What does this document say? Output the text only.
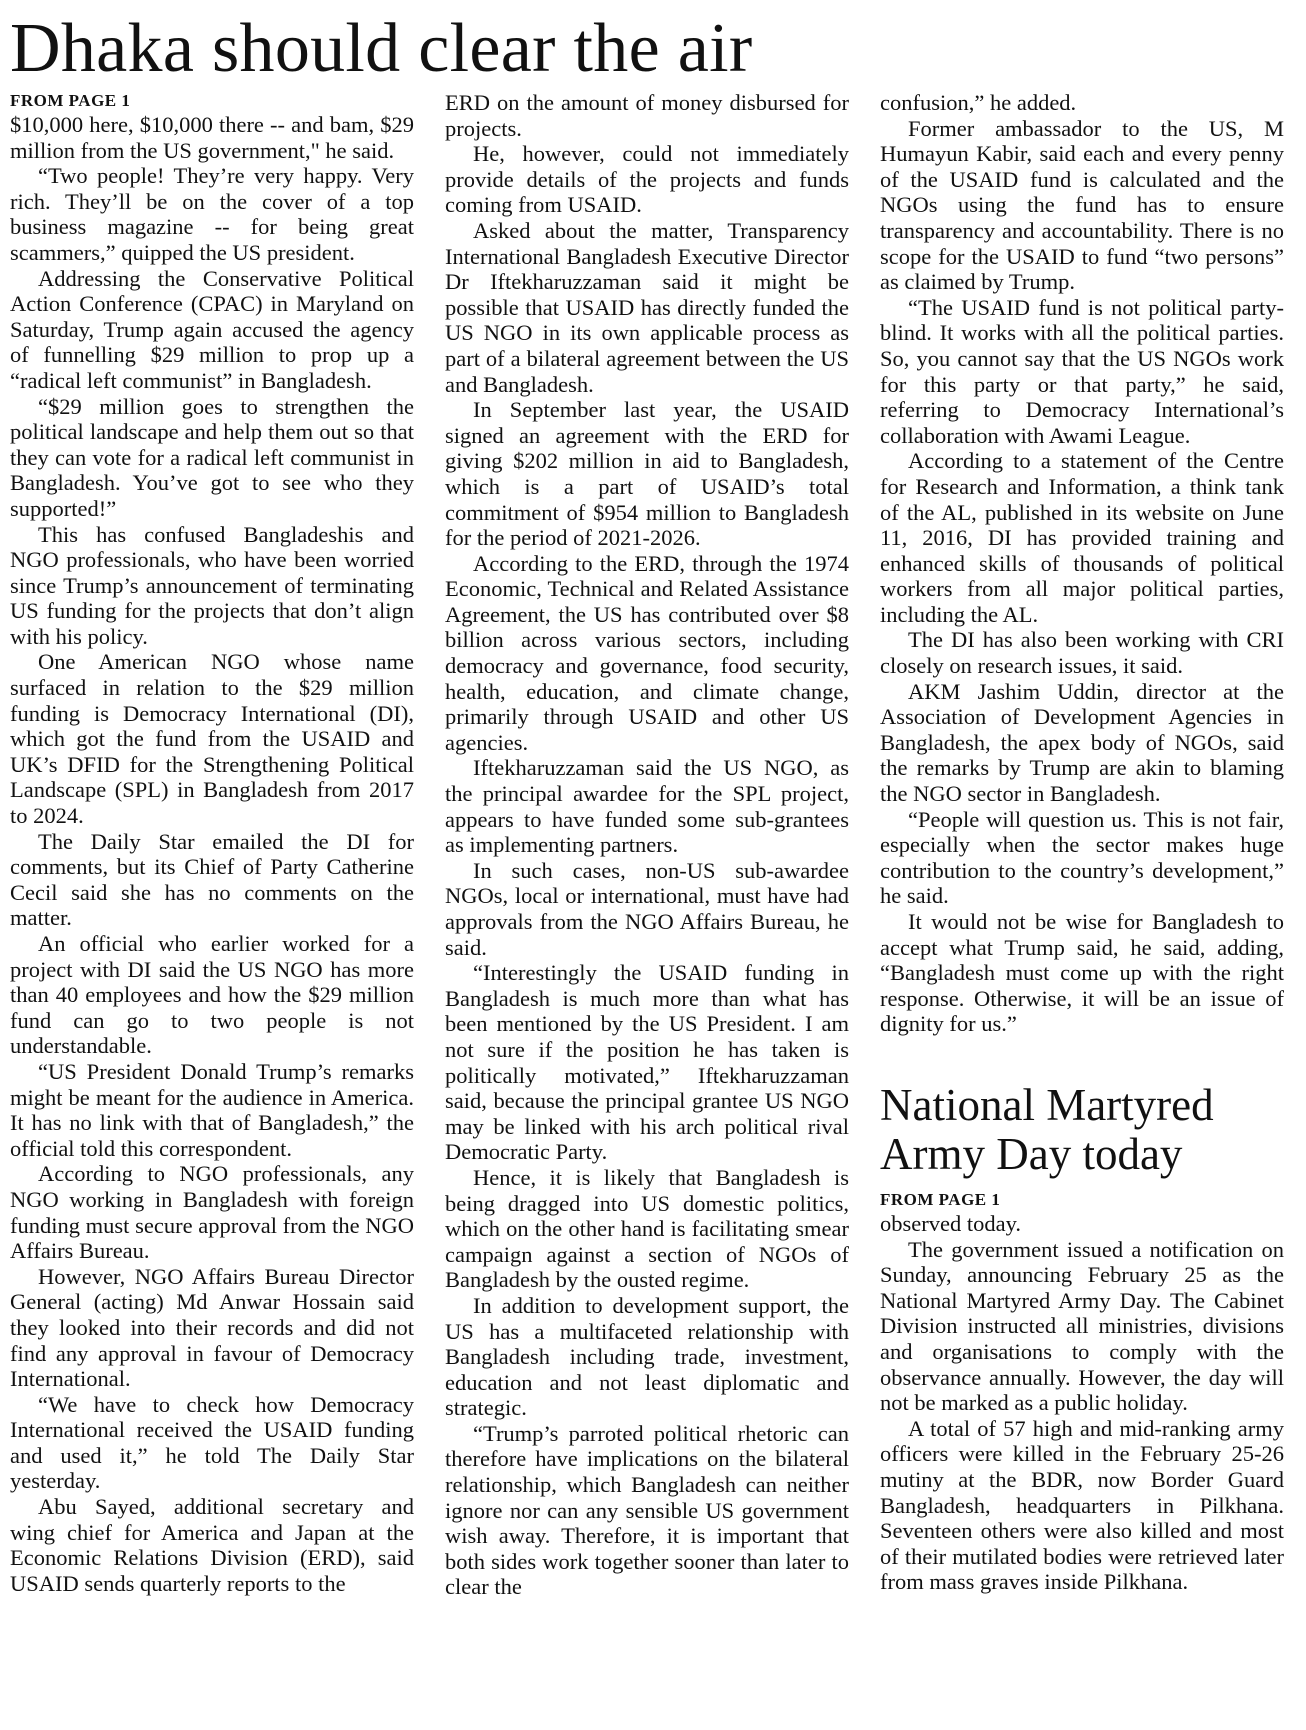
Dhaka should clear the air
FROM PAGE 1

$10,000 here, $10,000 there -- and bam, $29 million from the US government," he said.

“Two people! They’re very happy. Very rich. They’ll be on the cover of a top business magazine -- for being great scammers,” quipped the US president.

Addressing the Conservative Political Action Conference (CPAC) in Maryland on Saturday, Trump again accused the agency of funnelling $29 million to prop up a “radical left communist” in Bangladesh.

“$29 million goes to strengthen the political landscape and help them out so that they can vote for a radical left communist in Bangladesh. You’ve got to see who they supported!”

This has confused Bangladeshis and NGO professionals, who have been worried since Trump’s announcement of terminating US funding for the projects that don’t align with his policy.

One American NGO whose name surfaced in relation to the $29 million funding is Democracy International (DI), which got the fund from the USAID and UK’s DFID for the Strengthening Political Landscape (SPL) in Bangladesh from 2017 to 2024.

The Daily Star emailed the DI for comments, but its Chief of Party Catherine Cecil said she has no comments on the matter.

An official who earlier worked for a project with DI said the US NGO has more than 40 employees and how the $29 million fund can go to two people is not understandable.

“US President Donald Trump’s remarks might be meant for the audience in America. It has no link with that of Bangladesh,” the official told this correspondent.

According to NGO professionals, any NGO working in Bangladesh with foreign funding must secure approval from the NGO Affairs Bureau.

However, NGO Affairs Bureau Director General (acting) Md Anwar Hossain said they looked into their records and did not find any approval in favour of Democracy International.

“We have to check how Democracy International received the USAID funding and used it,” he told The Daily Star yesterday.

Abu Sayed, additional secretary and wing chief for America and Japan at the Economic Relations Division (ERD), said USAID sends quarterly reports to the

ERD on the amount of money disbursed for projects.

He, however, could not immediately provide details of the projects and funds coming from USAID.

Asked about the matter, Transparency International Bangladesh Executive Director Dr Iftekharuzzaman said it might be possible that USAID has directly funded the US NGO in its own applicable process as part of a bilateral agreement between the US and Bangladesh.

In September last year, the USAID signed an agreement with the ERD for giving $202 million in aid to Bangladesh, which is a part of USAID’s total commitment of $954 million to Bangladesh for the period of 2021-2026.

According to the ERD, through the 1974 Economic, Technical and Related Assistance Agreement, the US has contributed over $8 billion across various sectors, including democracy and governance, food security, health, education, and climate change, primarily through USAID and other US agencies.

Iftekharuzzaman said the US NGO, as the principal awardee for the SPL project, appears to have funded some sub-grantees as implementing partners.

In such cases, non-US sub-awardee NGOs, local or international, must have had approvals from the NGO Affairs Bureau, he said.

“Interestingly the USAID funding in Bangladesh is much more than what has been mentioned by the US President. I am not sure if the position he has taken is politically motivated,” Iftekharuzzaman said, because the principal grantee US NGO may be linked with his arch political rival Democratic Party.

Hence, it is likely that Bangladesh is being dragged into US domestic politics, which on the other hand is facilitating smear campaign against a section of NGOs of Bangladesh by the ousted regime.

In addition to development support, the US has a multifaceted relationship with Bangladesh including trade, investment, education and not least diplomatic and strategic.

“Trump’s parroted political rhetoric can therefore have implications on the bilateral relationship, which Bangladesh can neither ignore nor can any sensible US government wish away. Therefore, it is important that both sides work together sooner than later to clear the

confusion,” he added.

Former ambassador to the US, M Humayun Kabir, said each and every penny of the USAID fund is calculated and the NGOs using the fund has to ensure transparency and accountability. There is no scope for the USAID to fund “two persons” as claimed by Trump.

“The USAID fund is not political party-blind. It works with all the political parties. So, you cannot say that the US NGOs work for this party or that party,” he said, referring to Democracy International’s collaboration with Awami League.

According to a statement of the Centre for Research and Information, a think tank of the AL, published in its website on June 11, 2016, DI has provided training and enhanced skills of thousands of political workers from all major political parties, including the AL.

The DI has also been working with CRI closely on research issues, it said.

AKM Jashim Uddin, director at the Association of Development Agencies in Bangladesh, the apex body of NGOs, said the remarks by Trump are akin to blaming the NGO sector in Bangladesh.

“People will question us. This is not fair, especially when the sector makes huge contribution to the country’s development,” he said.

It would not be wise for Bangladesh to accept what Trump said, he said, adding, “Bangladesh must come up with the right response. Otherwise, it will be an issue of dignity for us.”

National Martyred Army Day today
FROM PAGE 1

observed today.

The government issued a notification on Sunday, announcing February 25 as the National Martyred Army Day. The Cabinet Division instructed all ministries, divisions and organisations to comply with the observance annually. However, the day will not be marked as a public holiday.

A total of 57 high and mid-ranking army officers were killed in the February 25-26 mutiny at the BDR, now Border Guard Bangladesh, headquarters in Pilkhana. Seventeen others were also killed and most of their mutilated bodies were retrieved later from mass graves inside Pilkhana.
